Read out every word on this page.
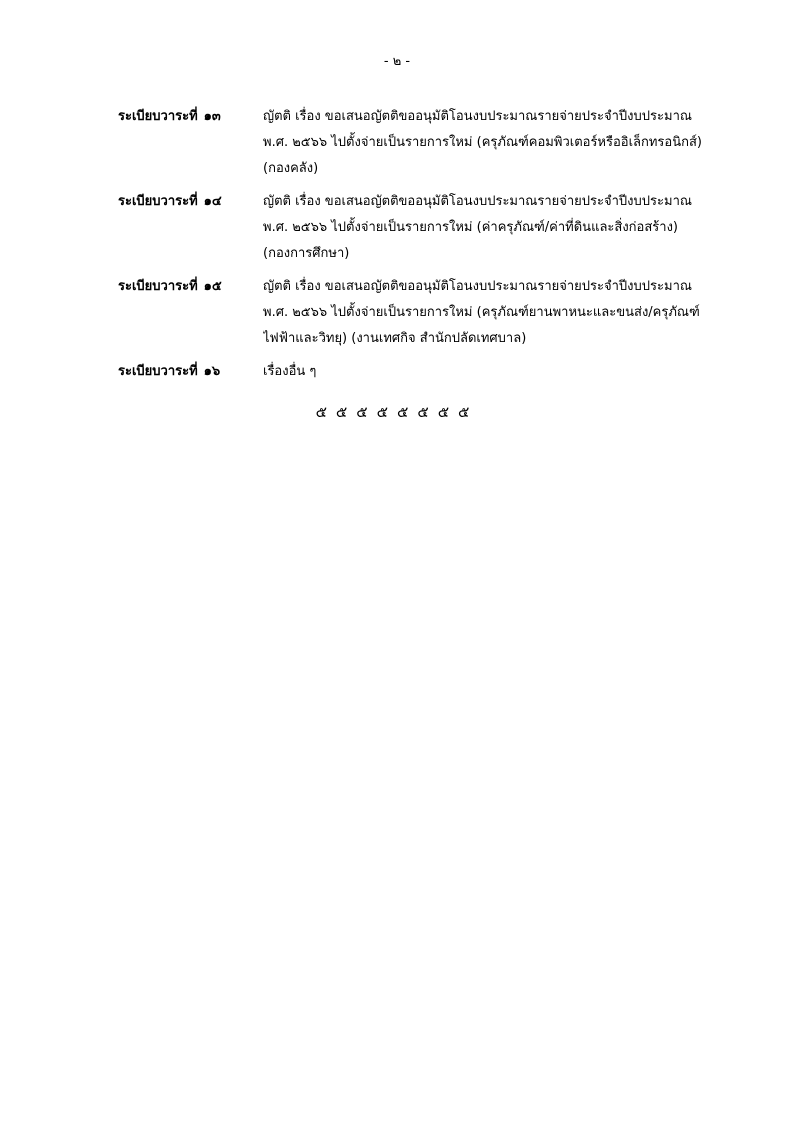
- ๒ -
ระเบียบวาระที่ ๑๓	ญัตติ เรื่อง ขอเสนอญัตติขออนุมัติโอนงบประมาณรายจ่ายประจำปีงบประมาณ
พ.ศ. ๒๕๖๖ ไปตั้งจ่ายเป็นรายการใหม่ (ครุภัณฑ์คอมพิวเตอร์หรืออิเล็กทรอนิกส์)
(กองคลัง)
ระเบียบวาระที่ ๑๔	ญัตติ เรื่อง ขอเสนอญัตติขออนุมัติโอนงบประมาณรายจ่ายประจำปีงบประมาณ
พ.ศ. ๒๕๖๖ ไปตั้งจ่ายเป็นรายการใหม่ (ค่าครุภัณฑ์/ค่าที่ดินและสิ่งก่อสร้าง)
(กองการศึกษา)
ระเบียบวาระที่ ๑๕	ญัตติ เรื่อง ขอเสนอญัตติขออนุมัติโอนงบประมาณรายจ่ายประจำปีงบประมาณ
พ.ศ. ๒๕๖๖ ไปตั้งจ่ายเป็นรายการใหม่ (ครุภัณฑ์ยานพาหนะและขนส่ง/ครุภัณฑ์
ไฟฟ้าและวิทยุ) (งานเทศกิจ สำนักปลัดเทศบาล)
ระเบียบวาระที่ ๑๖	เรื่องอื่น ๆ
๕๕๕๕๕๕๕๕
